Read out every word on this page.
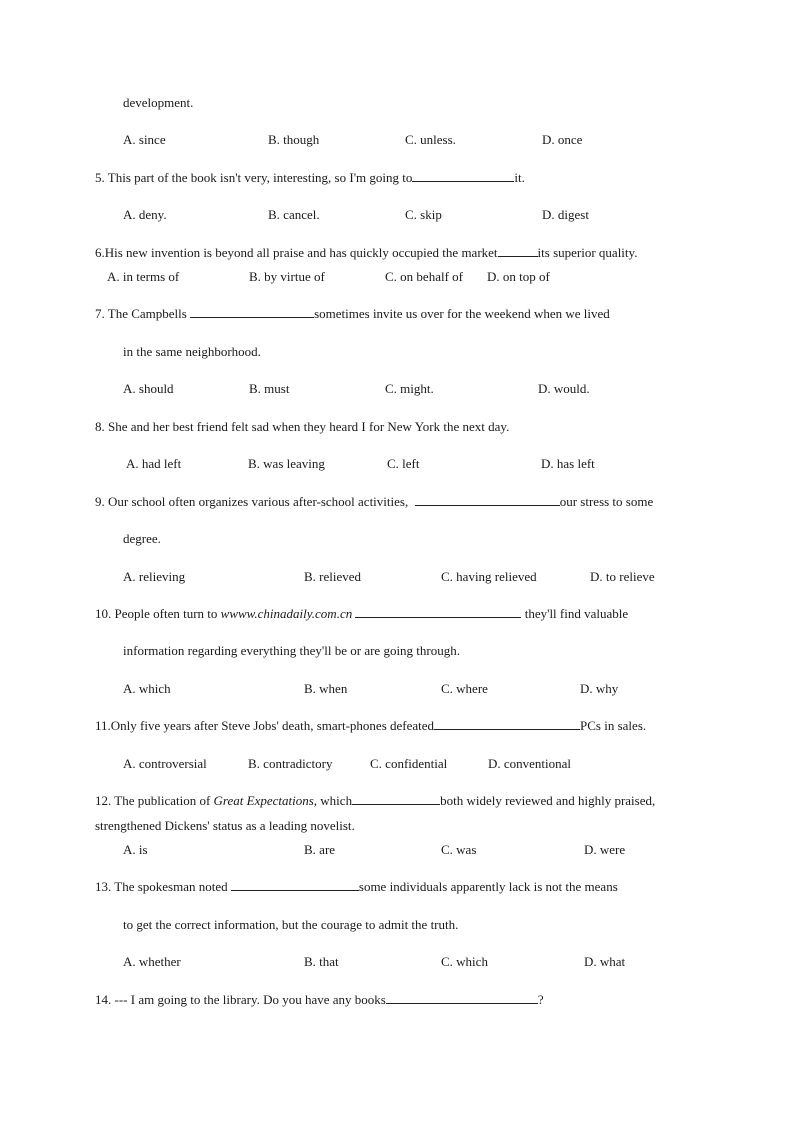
development.
A. since	B. though	C. unless.	D. once
5. This part of the book isn't very, interesting, so I'm going to	it.
A. deny.	B. cancel.	C. skip	D. digest
6.His new invention is beyond all praise and has quickly occupied the market	its superior quality.
A. in terms of	B. by virtue of	C. on behalf of D. on top of
7. The Campbells	sometimes invite us over for the weekend when we lived
in the same neighborhood.
A. should	B. must	C. might.	D. would.
8. She and her best friend felt sad when they heard I for New York the next day.
A. had left	B. was leaving	C. left	D. has left
9. Our school often organizes various after-school activities,	our stress to some
degree.
A. relieving	B. relieved	C. having relieved	D. to relieve
10. People often turn to wwww.chinadaily.com.cn	they'll find valuable
information regarding everything they'll be or are going through.
A. which	B. when	C. where	D. why
11.Only five years after Steve Jobs' death, smart-phones defeated	PCs in sales.
A. controversial	B. contradictory	C. confidential	D. conventional
12. The publication of Great Expectations, which	both widely reviewed and highly praised,
strengthened Dickens' status as a leading novelist.
A. is	B. are	C. was	D. were
13. The spokesman noted	some individuals apparently lack is not the means
to get the correct information, but the courage to admit the truth.
A. whether	B. that	C. which	D. what
14. --- I am going to the library. Do you have any books	?
